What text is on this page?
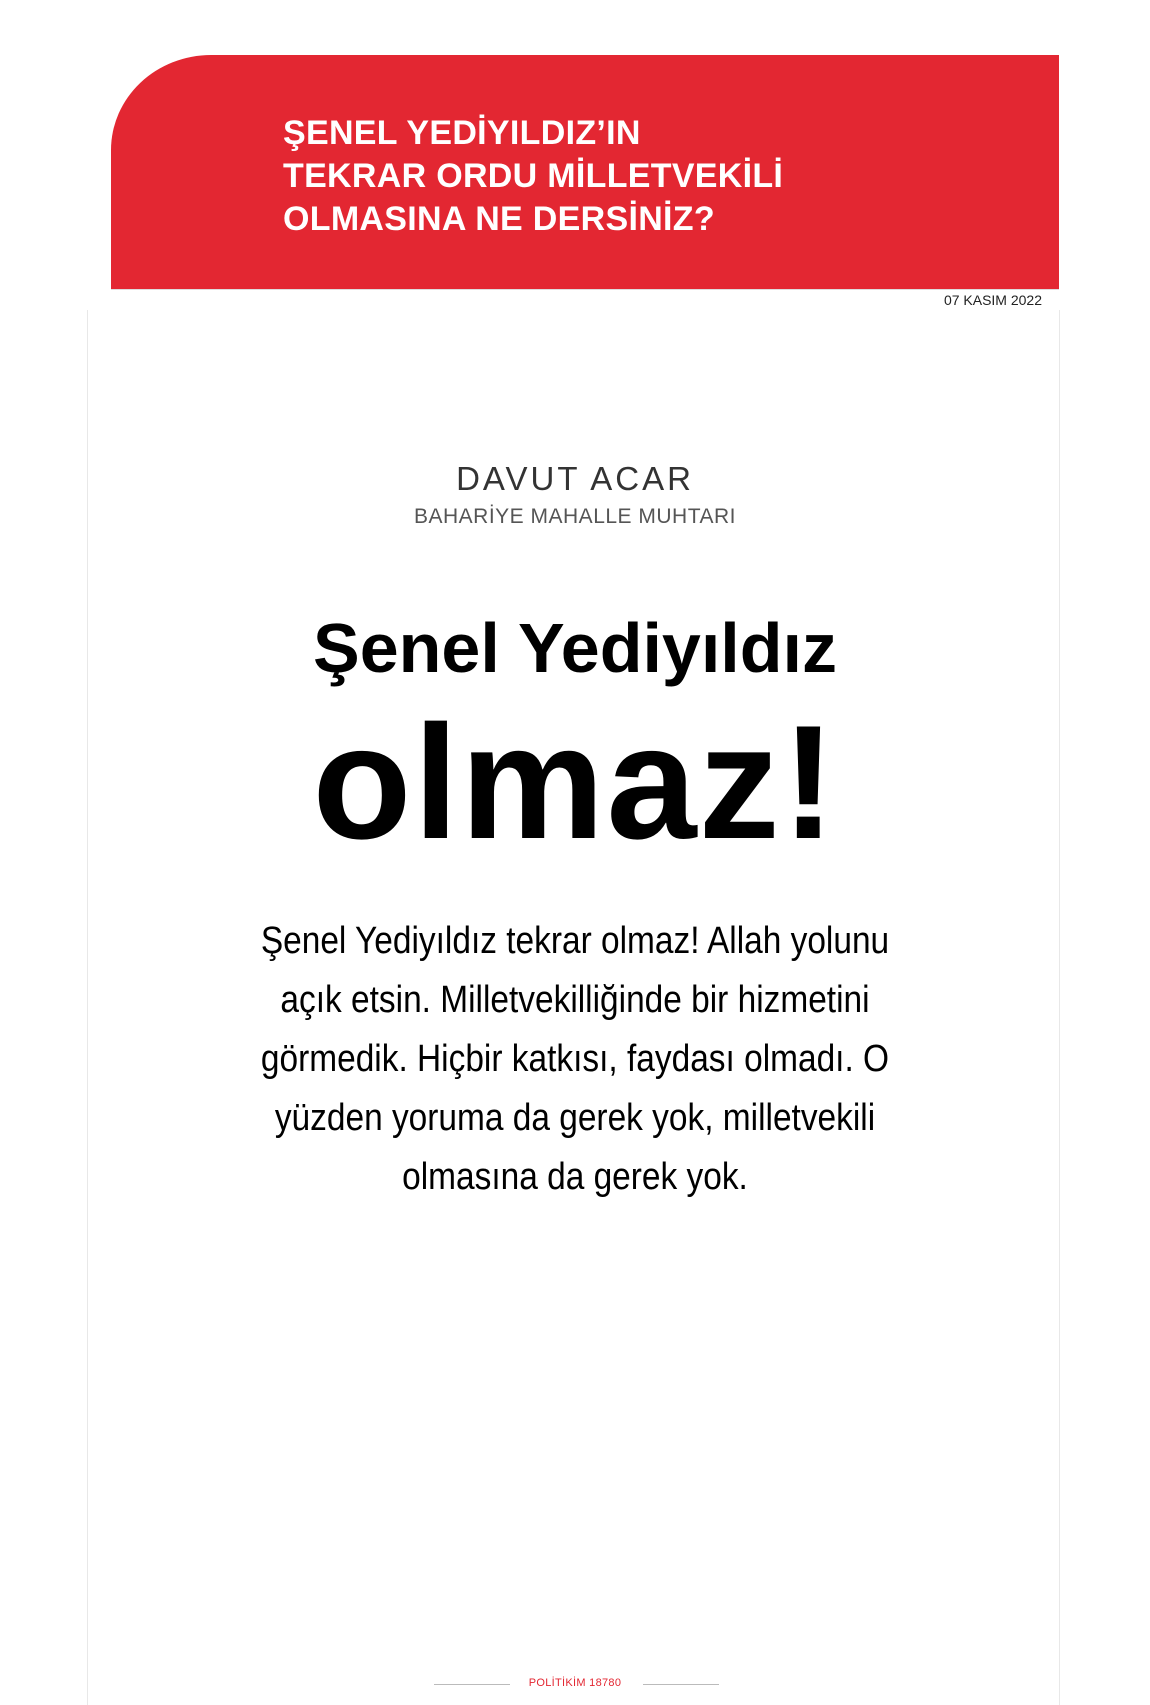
ŞENEL YEDİYILDIZ’IN
TEKRAR ORDU MİLLETVEKİLİ
OLMASINA NE DERSİNİZ?
07 KASIM 2022
DAVUT ACAR
BAHARİYE MAHALLE MUHTARI
Şenel Yediyıldız
olmaz!
Şenel Yediyıldız tekrar olmaz! Allah yolunu
açık etsin. Milletvekilliğinde bir hizmetini
görmedik. Hiçbir katkısı, faydası olmadı. O
yüzden yoruma da gerek yok, milletvekili
olmasına da gerek yok.
POLİTİKİM 18780
